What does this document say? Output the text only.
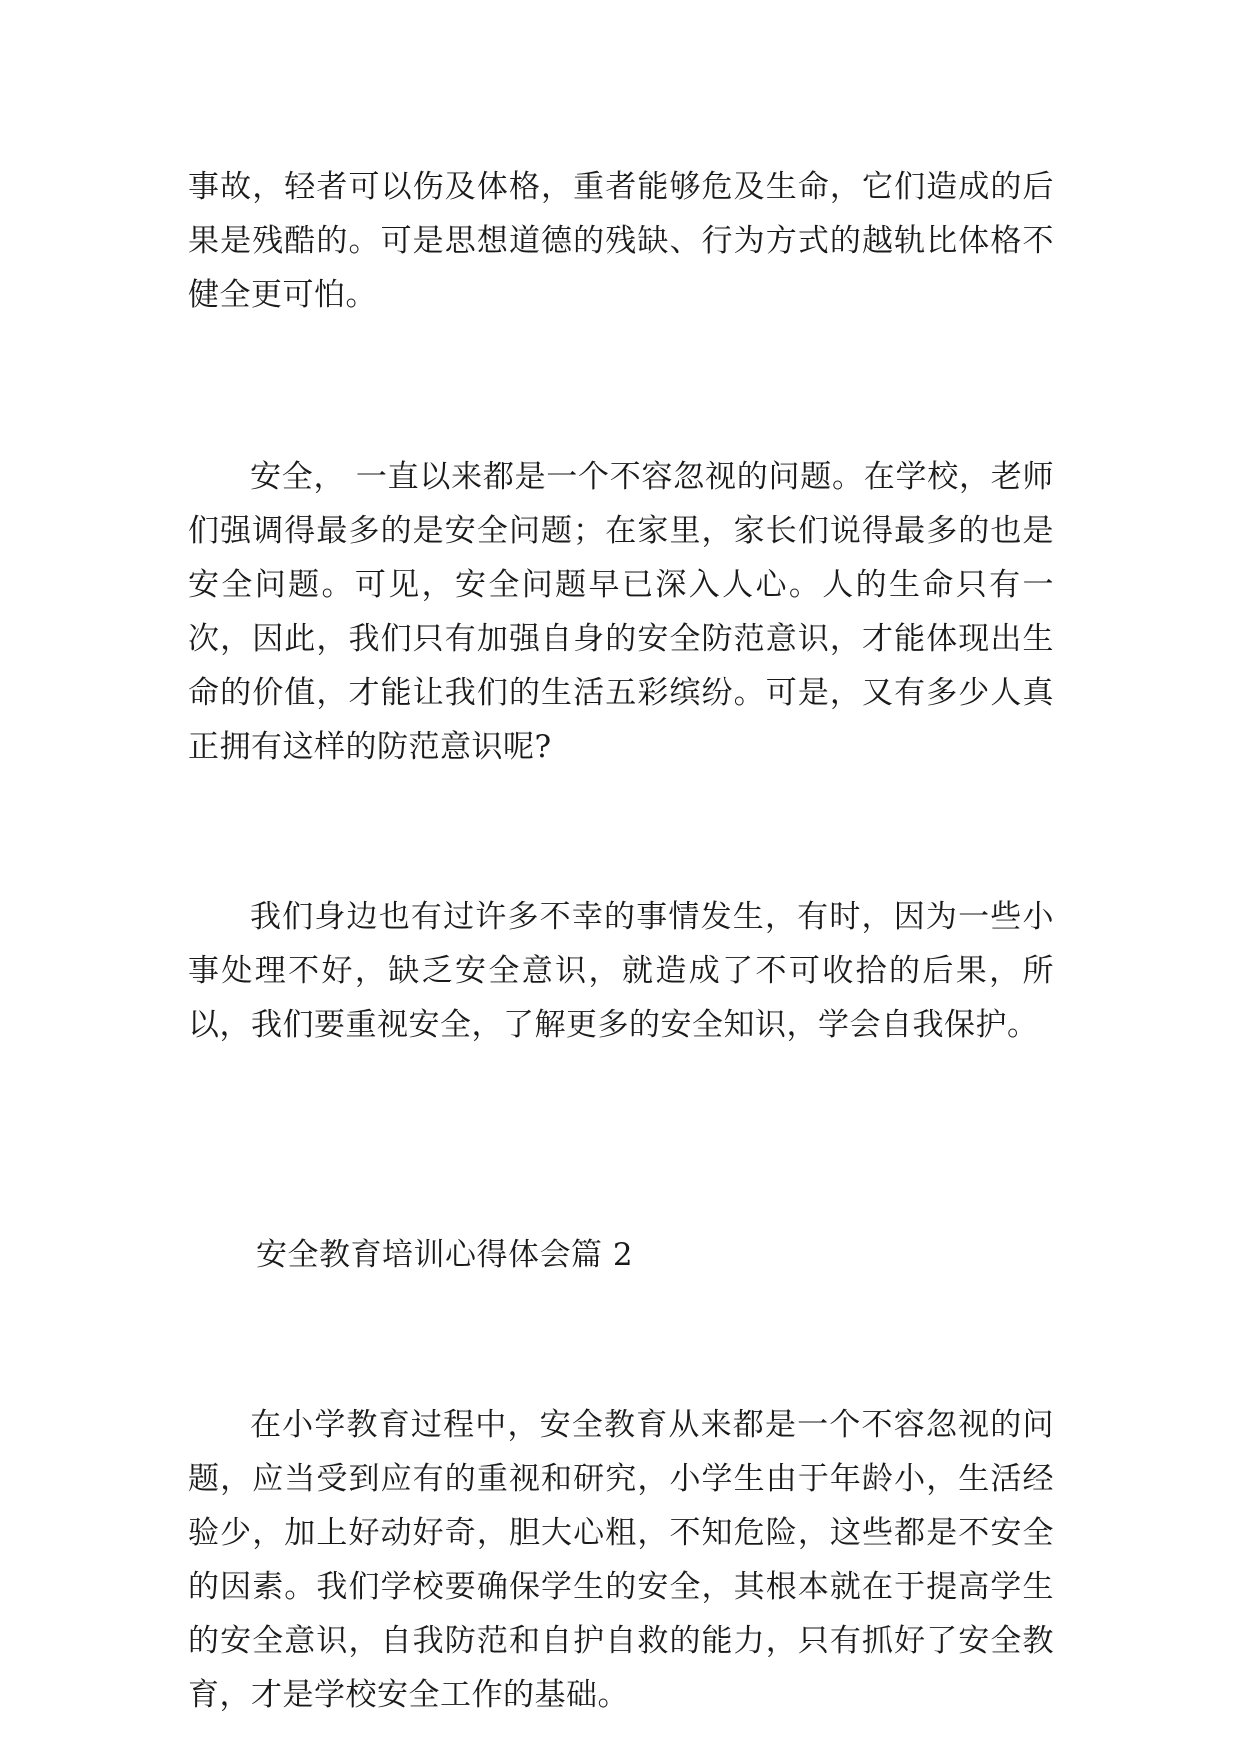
事故，轻者可以伤及体格，重者能够危及生命，它们造成的后果是残酷的。可是思想道德的残缺、行为方式的越轨比体格不健全更可怕。

安全， 一直以来都是一个不容忽视的问题。在学校，老师们强调得最多的是安全问题；在家里，家长们说得最多的也是安全问题。可见，安全问题早已深入人心。人的生命只有一次，因此，我们只有加强自身的安全防范意识，才能体现出生命的价值，才能让我们的生活五彩缤纷。可是，又有多少人真正拥有这样的防范意识呢?

我们身边也有过许多不幸的事情发生，有时，因为一些小事处理不好，缺乏安全意识，就造成了不可收拾的后果，所以，我们要重视安全，了解更多的安全知识，学会自我保护。

安全教育培训心得体会篇 2

在小学教育过程中，安全教育从来都是一个不容忽视的问题，应当受到应有的重视和研究，小学生由于年龄小，生活经验少，加上好动好奇，胆大心粗，不知危险，这些都是不安全的因素。我们学校要确保学生的安全，其根本就在于提高学生的安全意识，自我防范和自护自救的能力，只有抓好了安全教育，才是学校安全工作的基础。
